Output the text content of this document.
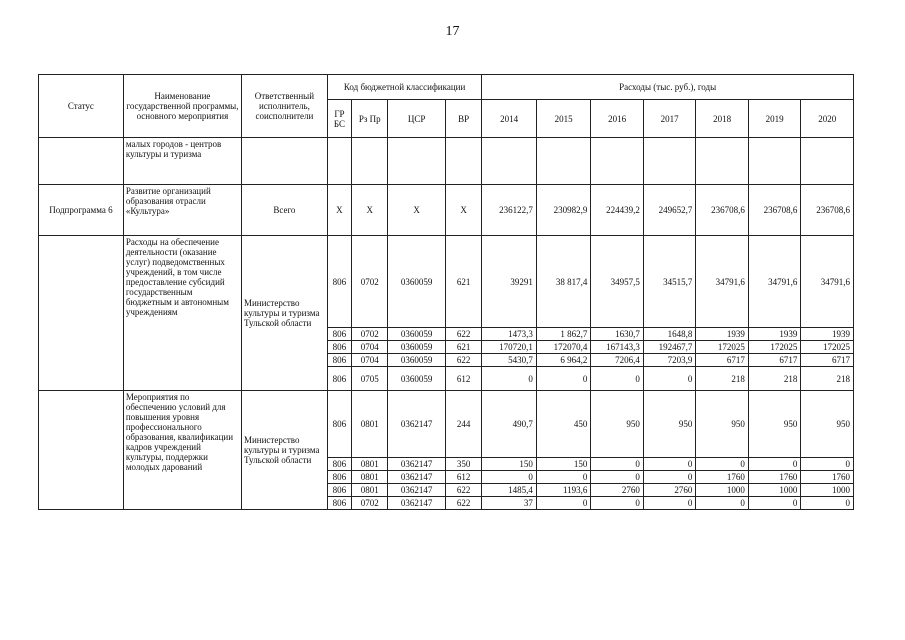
17
Статус	Наименование государственной программы, основного мероприятия	Ответственный исполнитель, соисполнители	Код бюджетной классификации				Расходы (тыс. руб.), годы						
			ГР БС	Рз Пр	ЦСР	ВР	2014	2015	2016	2017	2018	2019	2020
	малых городов - центров культуры и туризма												
Подпрограмма 6	Развитие организаций образования отрасли «Культура»	Всего	X	X	X	X	236122,7	230982,9	224439,2	249652,7	236708,6	236708,6	236708,6
	Расходы на обеспечение деятельности (оказание услуг) подведомственных учреждений, в том числе предоставление субсидий государственным бюджетным и автономным учреждениям	Министерство культуры и туризма Тульской области	806	0702	0360059	621	39291	38 817,4	34957,5	34515,7	34791,6	34791,6	34791,6
			806	0702	0360059	622	1473,3	1 862,7	1630,7	1648,8	1939	1939	1939
			806	0704	0360059	621	170720,1	172070,4	167143,3	192467,7	172025	172025	172025
			806	0704	0360059	622	5430,7	6 964,2	7206,4	7203,9	6717	6717	6717
			806	0705	0360059	612	0	0	0	0	218	218	218
	Мероприятия по обеспечению условий для повышения уровня профессионального образования, квалификации кадров учреждений культуры, поддержки молодых дарований	Министерство культуры и туризма Тульской области	806	0801	0362147	244	490,7	450	950	950	950	950	950
			806	0801	0362147	350	150	150	0	0	0	0	0
			806	0801	0362147	612	0	0	0	0	1760	1760	1760
			806	0801	0362147	622	1485,4	1193,6	2760	2760	1000	1000	1000
			806	0702	0362147	622	37	0	0	0	0	0	0
